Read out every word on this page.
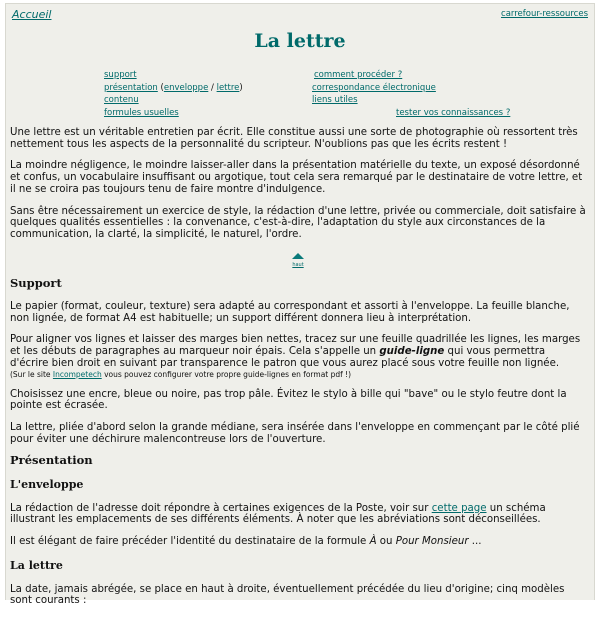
Accueil	carrefour-ressources
La lettre
support
présentation (enveloppe / lettre)
contenu
formules usuelles
comment procéder ?
correspondance électronique
liens utiles
tester vos connaissances ?

Une lettre est un véritable entretien par écrit. Elle constitue aussi une sorte de photographie où ressortent très nettement tous les aspects de la personnalité du scripteur. N'oublions pas que les écrits restent !

La moindre négligence, le moindre laisser-aller dans la présentation matérielle du texte, un exposé désordonné et confus, un vocabulaire insuffisant ou argotique, tout cela sera remarqué par le destinataire de votre lettre, et il ne se croira pas toujours tenu de faire montre d'indulgence.

Sans être nécessairement un exercice de style, la rédaction d'une lettre, privée ou commerciale, doit satisfaire à quelques qualités essentielles : la convenance, c'est-à-dire, l'adaptation du style aux circonstances de la communication, la clarté, la simplicité, le naturel, l'ordre.

haut
Support

Le papier (format, couleur, texture) sera adapté au correspondant et assorti à l'enveloppe. La feuille blanche, non lignée, de format A4 est habituelle; un support différent donnera lieu à interprétation.

Pour aligner vos lignes et laisser des marges bien nettes, tracez sur une feuille quadrillée les lignes, les marges et les débuts de paragraphes au marqueur noir épais. Cela s'appelle un guide-ligne qui vous permettra d'écrire bien droit en suivant par transparence le patron que vous aurez placé sous votre feuille non lignée.
(Sur le site Incompetech vous pouvez configurer votre propre guide-lignes en format pdf !)

Choisissez une encre, bleue ou noire, pas trop pâle. Évitez le stylo à bille qui "bave" ou le stylo feutre dont la pointe est écrasée.

La lettre, pliée d'abord selon la grande médiane, sera insérée dans l'enveloppe en commençant par le côté plié pour éviter une déchirure malencontreuse lors de l'ouverture.

Présentation
L'enveloppe

La rédaction de l'adresse doit répondre à certaines exigences de la Poste, voir sur cette page un schéma illustrant les emplacements de ses différents éléments. À noter que les abréviations sont déconseillées.

Il est élégant de faire précéder l'identité du destinataire de la formule À ou Pour Monsieur ...

La lettre

La date, jamais abrégée, se place en haut à droite, éventuellement précédée du lieu d'origine; cinq modèles sont courants :
